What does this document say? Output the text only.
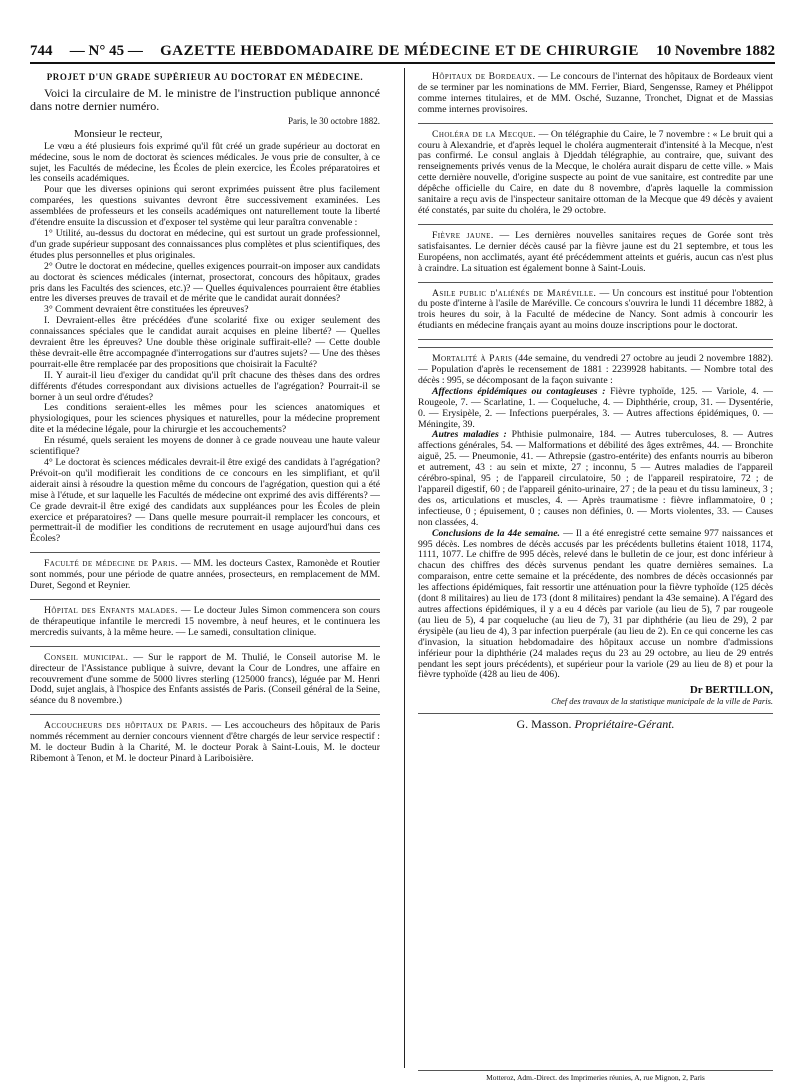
744 — N° 45 — GAZETTE HEBDOMADAIRE DE MÉDECINE ET DE CHIRURGIE 10 Novembre 1882

PROJET D'UN GRADE SUPÉRIEUR AU DOCTORAT EN MÉDECINE.

Voici la circulaire de M. le ministre de l'instruction publique annoncé dans notre dernier numéro.

Paris, le 30 octobre 1882.

Monsieur le recteur,

Le vœu a été plusieurs fois exprimé qu'il fût créé un grade supérieur au doctorat en médecine, sous le nom de doctorat ès sciences médicales. Je vous prie de consulter, à ce sujet, les Facultés de médecine, les Écoles de plein exercice, les Écoles préparatoires et les conseils académiques.

Pour que les diverses opinions qui seront exprimées puissent être plus facilement comparées, les questions suivantes devront être successivement examinées. Les assemblées de professeurs et les conseils académiques ont naturellement toute la liberté d'étendre ensuite la discussion et d'exposer tel système qui leur paraîtra convenable :

1° Utilité, au-dessus du doctorat en médecine, qui est surtout un grade professionnel, d'un grade supérieur supposant des connaissances plus complètes et plus scientifiques, des études plus personnelles et plus originales.

2° Outre le doctorat en médecine, quelles exigences pourrait-on imposer aux candidats au doctorat ès sciences médicales (internat, prosectorat, concours des hôpitaux, grades pris dans les Facultés des sciences, etc.)? — Quelles équivalences pourraient être établies entre les diverses preuves de travail et de mérite que le candidat aurait données?

3° Comment devraient être constituées les épreuves?

I. Devraient-elles être précédées d'une scolarité fixe ou exiger seulement des connaissances spéciales que le candidat aurait acquises en pleine liberté? — Quelles devraient être les épreuves? Une double thèse originale suffirait-elle? — Cette double thèse devrait-elle être accompagnée d'interrogations sur d'autres sujets? — Une des thèses pourrait-elle être remplacée par des propositions que choisirait la Faculté?

II. Y aurait-il lieu d'exiger du candidat qu'il prît chacune des thèses dans des ordres différents d'études correspondant aux divisions actuelles de l'agrégation? Pourrait-il se borner à un seul ordre d'études?

Les conditions seraient-elles les mêmes pour les sciences anatomiques et physiologiques, pour les sciences physiques et naturelles, pour la médecine proprement dite et la médecine légale, pour la chirurgie et les accouchements?

En résumé, quels seraient les moyens de donner à ce grade nouveau une haute valeur scientifique?

4° Le doctorat ès sciences médicales devrait-il être exigé des candidats à l'agrégation? Prévoit-on qu'il modifierait les conditions de ce concours en les simplifiant, et qu'il aiderait ainsi à résoudre la question même du concours de l'agrégation, question qui a été mise à l'étude, et sur laquelle les Facultés de médecine ont exprimé des avis différents? — Ce grade devrait-il être exigé des candidats aux suppléances pour les Écoles de plein exercice et préparatoires? — Dans quelle mesure pourrait-il remplacer les concours, et permettrait-il de modifier les conditions de recrutement en usage aujourd'hui dans ces Écoles?

Faculté de médecine de Paris. — MM. les docteurs Castex, Ramonède et Routier sont nommés, pour une période de quatre années, prosecteurs, en remplacement de MM. Duret, Segond et Reynier.

Hôpital des Enfants malades. — Le docteur Jules Simon commencera son cours de thérapeutique infantile le mercredi 15 novembre, à neuf heures, et le continuera les mercredis suivants, à la même heure. — Le samedi, consultation clinique.

Conseil municipal. — Sur le rapport de M. Thulié, le Conseil autorise M. le directeur de l'Assistance publique à suivre, devant la Cour de Londres, une affaire en recouvrement d'une somme de 5000 livres sterling (125000 francs), léguée par M. Henri Dodd, sujet anglais, à l'hospice des Enfants assistés de Paris. (Conseil général de la Seine, séance du 8 novembre.)

Accoucheurs des hôpitaux de Paris. — Les accoucheurs des hôpitaux de Paris nommés récemment au dernier concours viennent d'être chargés de leur service respectif : M. le docteur Budin à la Charité, M. le docteur Porak à Saint-Louis, M. le docteur Ribemont à Tenon, et M. le docteur Pinard à Lariboisière.

Hôpitaux de Bordeaux. — Le concours de l'internat des hôpitaux de Bordeaux vient de se terminer par les nominations de MM. Ferrier, Biard, Sengensse, Ramey et Phélippot comme internes titulaires, et de MM. Osché, Suzanne, Tronchet, Dignat et de Massias comme internes provisoires.

Choléra de la Mecque. — On télégraphie du Caire, le 7 novembre : « Le bruit qui a couru à Alexandrie, et d'après lequel le choléra augmenterait d'intensité à la Mecque, n'est pas confirmé. Le consul anglais à Djeddah télégraphie, au contraire, que, suivant des renseignements privés venus de la Mecque, le choléra aurait disparu de cette ville. » Mais cette dernière nouvelle, d'origine suspecte au point de vue sanitaire, est contredite par une dépêche officielle du Caire, en date du 8 novembre, d'après laquelle la commission sanitaire a reçu avis de l'inspecteur sanitaire ottoman de la Mecque que 49 décès y avaient été constatés, par suite du choléra, le 29 octobre.

Fièvre jaune. — Les dernières nouvelles sanitaires reçues de Gorée sont très satisfaisantes. Le dernier décès causé par la fièvre jaune est du 21 septembre, et tous les Européens, non acclimatés, ayant été précédemment atteints et guéris, aucun cas n'est plus à craindre. La situation est également bonne à Saint-Louis.

Asile public d'aliénés de Maréville. — Un concours est institué pour l'obtention du poste d'interne à l'asile de Maréville. Ce concours s'ouvrira le lundi 11 décembre 1882, à trois heures du soir, à la Faculté de médecine de Nancy. Sont admis à concourir les étudiants en médecine français ayant au moins douze inscriptions pour le doctorat.

Mortalité à Paris (44e semaine, du vendredi 27 octobre au jeudi 2 novembre 1882). — Population d'après le recensement de 1881 : 2239928 habitants. — Nombre total des décès : 995, se décomposant de la façon suivante :

Affections épidémiques ou contagieuses : Fièvre typhoïde, 125. — Variole, 4. — Rougeole, 7. — Scarlatine, 1. — Coqueluche, 4. — Diphthérie, croup, 31. — Dysentérie, 0. — Erysipèle, 2. — Infections puerpérales, 3. — Autres affections épidémiques, 0. — Méningite, 39.

Autres maladies : Phthisie pulmonaire, 184. — Autres tuberculoses, 8. — Autres affections générales, 54. — Malformations et débilité des âges extrêmes, 44. — Bronchite aiguë, 25. — Pneumonie, 41. — Athrepsie (gastro-entérite) des enfants nourris au biberon et autrement, 43 : au sein et mixte, 27 ; inconnu, 5 — Autres maladies de l'appareil cérébro-spinal, 95 ; de l'appareil circulatoire, 50 ; de l'appareil respiratoire, 72 ; de l'appareil digestif, 60 ; de l'appareil génito-urinaire, 27 ; de la peau et du tissu lamineux, 3 ; des os, articulations et muscles, 4. — Après traumatisme : fièvre inflammatoire, 0 ; infectieuse, 0 ; épuisement, 0 ; causes non définies, 0. — Morts violentes, 33. — Causes non classées, 4.

Conclusions de la 44e semaine. — Il a été enregistré cette semaine 977 naissances et 995 décès. Les nombres de décès accusés par les précédents bulletins étaient 1018, 1174, 1111, 1077. Le chiffre de 995 décès, relevé dans le bulletin de ce jour, est donc inférieur à chacun des chiffres des décès survenus pendant les quatre dernières semaines. La comparaison, entre cette semaine et la précédente, des nombres de décès occasionnés par les affections épidémiques, fait ressortir une atténuation pour la fièvre typhoïde (125 décès (dont 8 militaires) au lieu de 173 (dont 8 militaires) pendant la 43e semaine). A l'égard des autres affections épidémiques, il y a eu 4 décès par variole (au lieu de 5), 7 par rougeole (au lieu de 5), 4 par coqueluche (au lieu de 7), 31 par diphthérie (au lieu de 29), 2 par érysipèle (au lieu de 4), 3 par infection puerpérale (au lieu de 2). En ce qui concerne les cas d'invasion, la situation hebdomadaire des hôpitaux accuse un nombre d'admissions inférieur pour la diphthérie (24 malades reçus du 23 au 29 octobre, au lieu de 29 entrés pendant les sept jours précédents), et supérieur pour la variole (29 au lieu de 8) et pour la fièvre typhoïde (428 au lieu de 406).

Dr BERTILLON,
Chef des travaux de la statistique municipale de la ville de Paris.
G. Masson. Propriétaire-Gérant.
Motteroz, Adm.-Direct. des Imprimeries réunies, A, rue Mignon, 2, Paris
